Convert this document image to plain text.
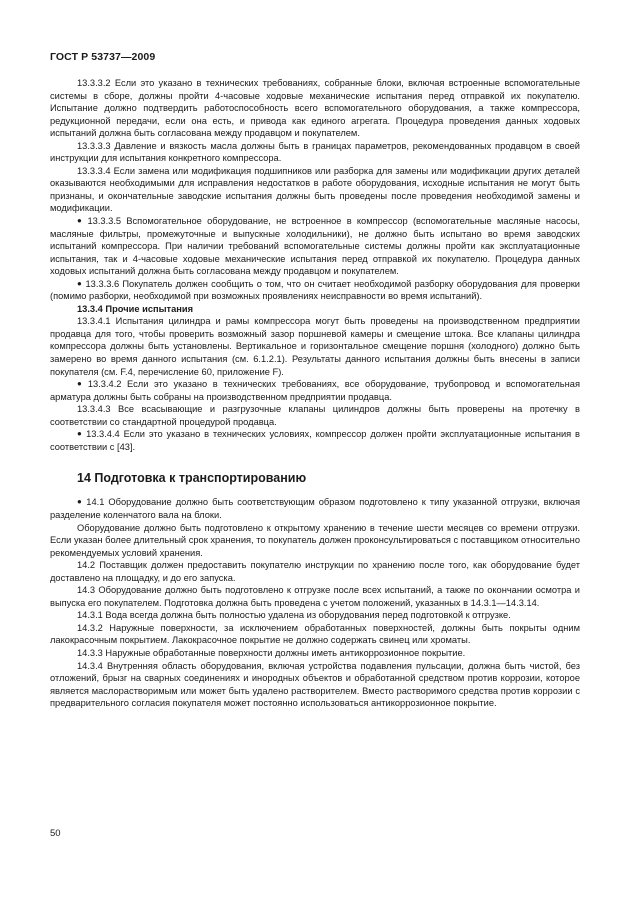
ГОСТ Р 53737—2009

13.3.3.2 Если это указано в технических требованиях, собранные блоки, включая встроенные вспомогательные системы в сборе, должны пройти 4-часовые ходовые механические испытания перед отправкой их покупателю. Испытание должно подтвердить работоспособность всего вспомогательного оборудования, а также компрессора, редукционной передачи, если она есть, и привода как единого агрегата. Процедура проведения данных ходовых испытаний должна быть согласована между продавцом и покупателем.

13.3.3.3 Давление и вязкость масла должны быть в границах параметров, рекомендованных продавцом в своей инструкции для испытания конкретного компрессора.

13.3.3.4 Если замена или модификация подшипников или разборка для замены или модификации других деталей оказываются необходимыми для исправления недостатков в работе оборудования, исходные испытания не могут быть признаны, и окончательные заводские испытания должны быть проведены после проведения необходимой замены и модификации.

● 13.3.3.5 Вспомогательное оборудование, не встроенное в компрессор (вспомогательные масляные насосы, масляные фильтры, промежуточные и выпускные холодильники), не должно быть испытано во время заводских испытаний компрессора. При наличии требований вспомогательные системы должны пройти как эксплуатационные испытания, так и 4-часовые ходовые механические испытания перед отправкой их покупателю. Процедура данных ходовых испытаний должна быть согласована между продавцом и покупателем.

● 13.3.3.6 Покупатель должен сообщить о том, что он считает необходимой разборку оборудования для проверки (помимо разборки, необходимой при возможных проявлениях неисправности во время испытаний).

13.3.4 Прочие испытания

13.3.4.1 Испытания цилиндра и рамы компрессора могут быть проведены на производственном предприятии продавца для того, чтобы проверить возможный зазор поршневой камеры и смещение штока. Все клапаны цилиндра компрессора должны быть установлены. Вертикальное и горизонтальное смещение поршня (холодного) должно быть замерено во время данного испытания (см. 6.1.2.1). Результаты данного испытания должны быть внесены в записи покупателя (см. F.4, перечисление 60, приложение F).

● 13.3.4.2 Если это указано в технических требованиях, все оборудование, трубопровод и вспомогательная арматура должны быть собраны на производственном предприятии продавца.

13.3.4.3 Все всасывающие и разгрузочные клапаны цилиндров должны быть проверены на протечку в соответствии со стандартной процедурой продавца.

● 13.3.4.4 Если это указано в технических условиях, компрессор должен пройти эксплуатационные испытания в соответствии с [43].

14 Подготовка к транспортированию

● 14.1 Оборудование должно быть соответствующим образом подготовлено к типу указанной отгрузки, включая разделение коленчатого вала на блоки.

Оборудование должно быть подготовлено к открытому хранению в течение шести месяцев со времени отгрузки. Если указан более длительный срок хранения, то покупатель должен проконсультироваться с поставщиком относительно рекомендуемых условий хранения.

14.2 Поставщик должен предоставить покупателю инструкции по хранению после того, как оборудование будет доставлено на площадку, и до его запуска.

14.3 Оборудование должно быть подготовлено к отгрузке после всех испытаний, а также по окончании осмотра и выпуска его покупателем. Подготовка должна быть проведена с учетом положений, указанных в 14.3.1—14.3.14.

14.3.1 Вода всегда должна быть полностью удалена из оборудования перед подготовкой к отгрузке.

14.3.2 Наружные поверхности, за исключением обработанных поверхностей, должны быть покрыты одним лакокрасочным покрытием. Лакокрасочное покрытие не должно содержать свинец или хроматы.

14.3.3 Наружные обработанные поверхности должны иметь антикоррозионное покрытие.

14.3.4 Внутренняя область оборудования, включая устройства подавления пульсации, должна быть чистой, без отложений, брызг на сварных соединениях и инородных объектов и обработанной средством против коррозии, которое является маслорастворимым или может быть удалено растворителем. Вместо растворимого средства против коррозии с предварительного согласия покупателя может постоянно использоваться антикоррозионное покрытие.

50
